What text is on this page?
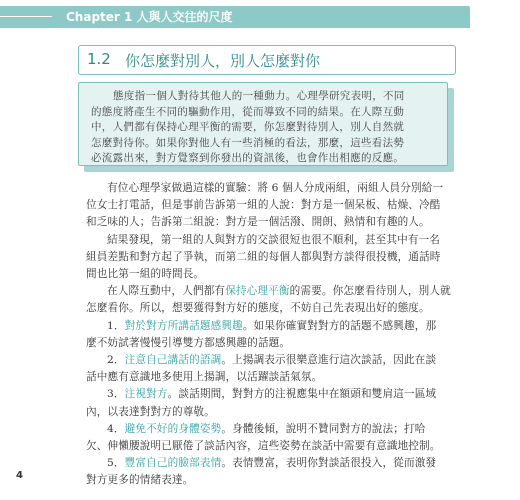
Chapter 1 人與人交往的尺度
1.2 你怎麼對別人，別人怎麼對你
態度指一個人對待其他人的一種動力。心理學研究表明，不同
的態度將產生不同的驅動作用，從而導致不同的結果。在人際互動
中，人們都有保持心理平衡的需要，你怎麼對待別人，別人自然就
怎麼對待你。如果你對他人有一些消極的看法，那麼，這些看法勢
必流露出來，對方覺察到你發出的資訊後，也會作出相應的反應。
有位心理學家做過這樣的實驗：將 6 個人分成兩組，兩組人員分別給一
位女士打電話，但是事前告訴第一組的人說：對方是一個呆板、枯燥、冷酷
和乏味的人；告訴第二組說：對方是一個活潑、開朗、熱情和有趣的人。
結果發現，第一組的人與對方的交談很短也很不順利，甚至其中有一名
組員差點和對方起了爭執，而第二組的每個人都與對方談得很投機，通話時
間也比第一組的時間長。
在人際互動中，人們都有保持心理平衡的需要。你怎麼看待別人，別人就
怎麼看你。所以，想要獲得對方好的態度，不妨自己先表現出好的態度。
1．對於對方所講話題感興趣。如果你確實對對方的話題不感興趣，那
麼不妨試著慢慢引導雙方都感興趣的話題。
2．注意自己講話的語調。上揚調表示很樂意進行這次談話，因此在談
話中應有意識地多使用上揚調，以活躍談話氣氛。
3．注視對方。談話期間，對對方的注視應集中在額頭和雙肩這一區域
內，以表達對對方的尊敬。
4．避免不好的身體姿勢。身體後傾，說明不贊同對方的說法；打哈
欠、伸懶腰說明已厭倦了談話內容，這些姿勢在談話中需要有意識地控制。
5．豐富自己的臉部表情。表情豐富，表明你對談話很投入，從而激發
對方更多的情緒表達。
4
